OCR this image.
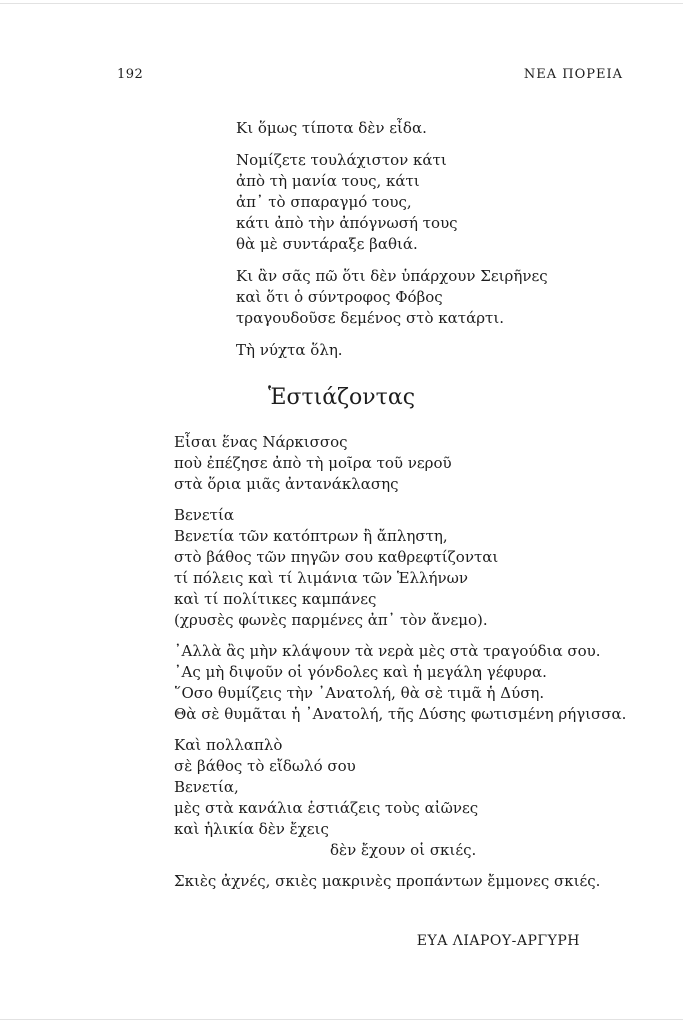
192	ΝΕΑ ΠΟΡΕΙΑ
Κι ὅμως τίποτα δὲν εἶδα.
Νομίζετε τουλάχιστον κάτι
ἀπὸ τὴ μανία τους, κάτι
ἀπ᾽ τὸ σπαραγμό τους,
κάτι ἀπὸ τὴν ἀπόγνωσή τους
θὰ μὲ συντάραξε βαθιά.
Κι ἂν σᾶς πῶ ὅτι δὲν ὑπάρχουν Σειρῆνες
καὶ ὅτι ὁ σύντροφος Φόβος
τραγουδοῦσε δεμένος στὸ κατάρτι.
Τὴ νύχτα ὅλη.
Ἑστιάζοντας
Εἶσαι ἕνας Νάρκισσος
ποὺ ἐπέζησε ἀπὸ τὴ μοῖρα τοῦ νεροῦ
στὰ ὅρια μιᾶς ἀντανάκλασης
Βενετία
Βενετία τῶν κατόπτρων ἢ ἄπληστη,
στὸ βάθος τῶν πηγῶν σου καθρεφτίζονται
τί πόλεις καὶ τί λιμάνια τῶν Ἑλλήνων
καὶ τί πολίτικες καμπάνες
(χρυσὲς φωνὲς παρμένες ἀπ᾽ τὸν ἄνεμο).
᾽Αλλὰ ἂς μὴν κλάψουν τὰ νερὰ μὲς στὰ τραγούδια σου.
᾽Ας μὴ διψοῦν οἱ γόνδολες καὶ ἡ μεγάλη γέφυρα.
῞Οσο θυμίζεις τὴν ᾽Ανατολή, θὰ σὲ τιμᾶ ἡ Δύση.
Θὰ σὲ θυμᾶται ἡ ᾽Ανατολή, τῆς Δύσης φωτισμένη ρήγισσα.
Καὶ πολλαπλὸ
σὲ βάθος τὸ εἴδωλό σου
Βενετία,
μὲς στὰ κανάλια ἑστιάζεις τοὺς αἰῶνες
καὶ ἡλικία δὲν ἔχεις
δὲν ἔχουν οἱ σκιές.
Σκιὲς ἀχνές, σκιὲς μακρινὲς προπάντων ἔμμονες σκιές.
ΕΥΑ ΛΙΑΡΟΥ-ΑΡΓΥΡΗ
